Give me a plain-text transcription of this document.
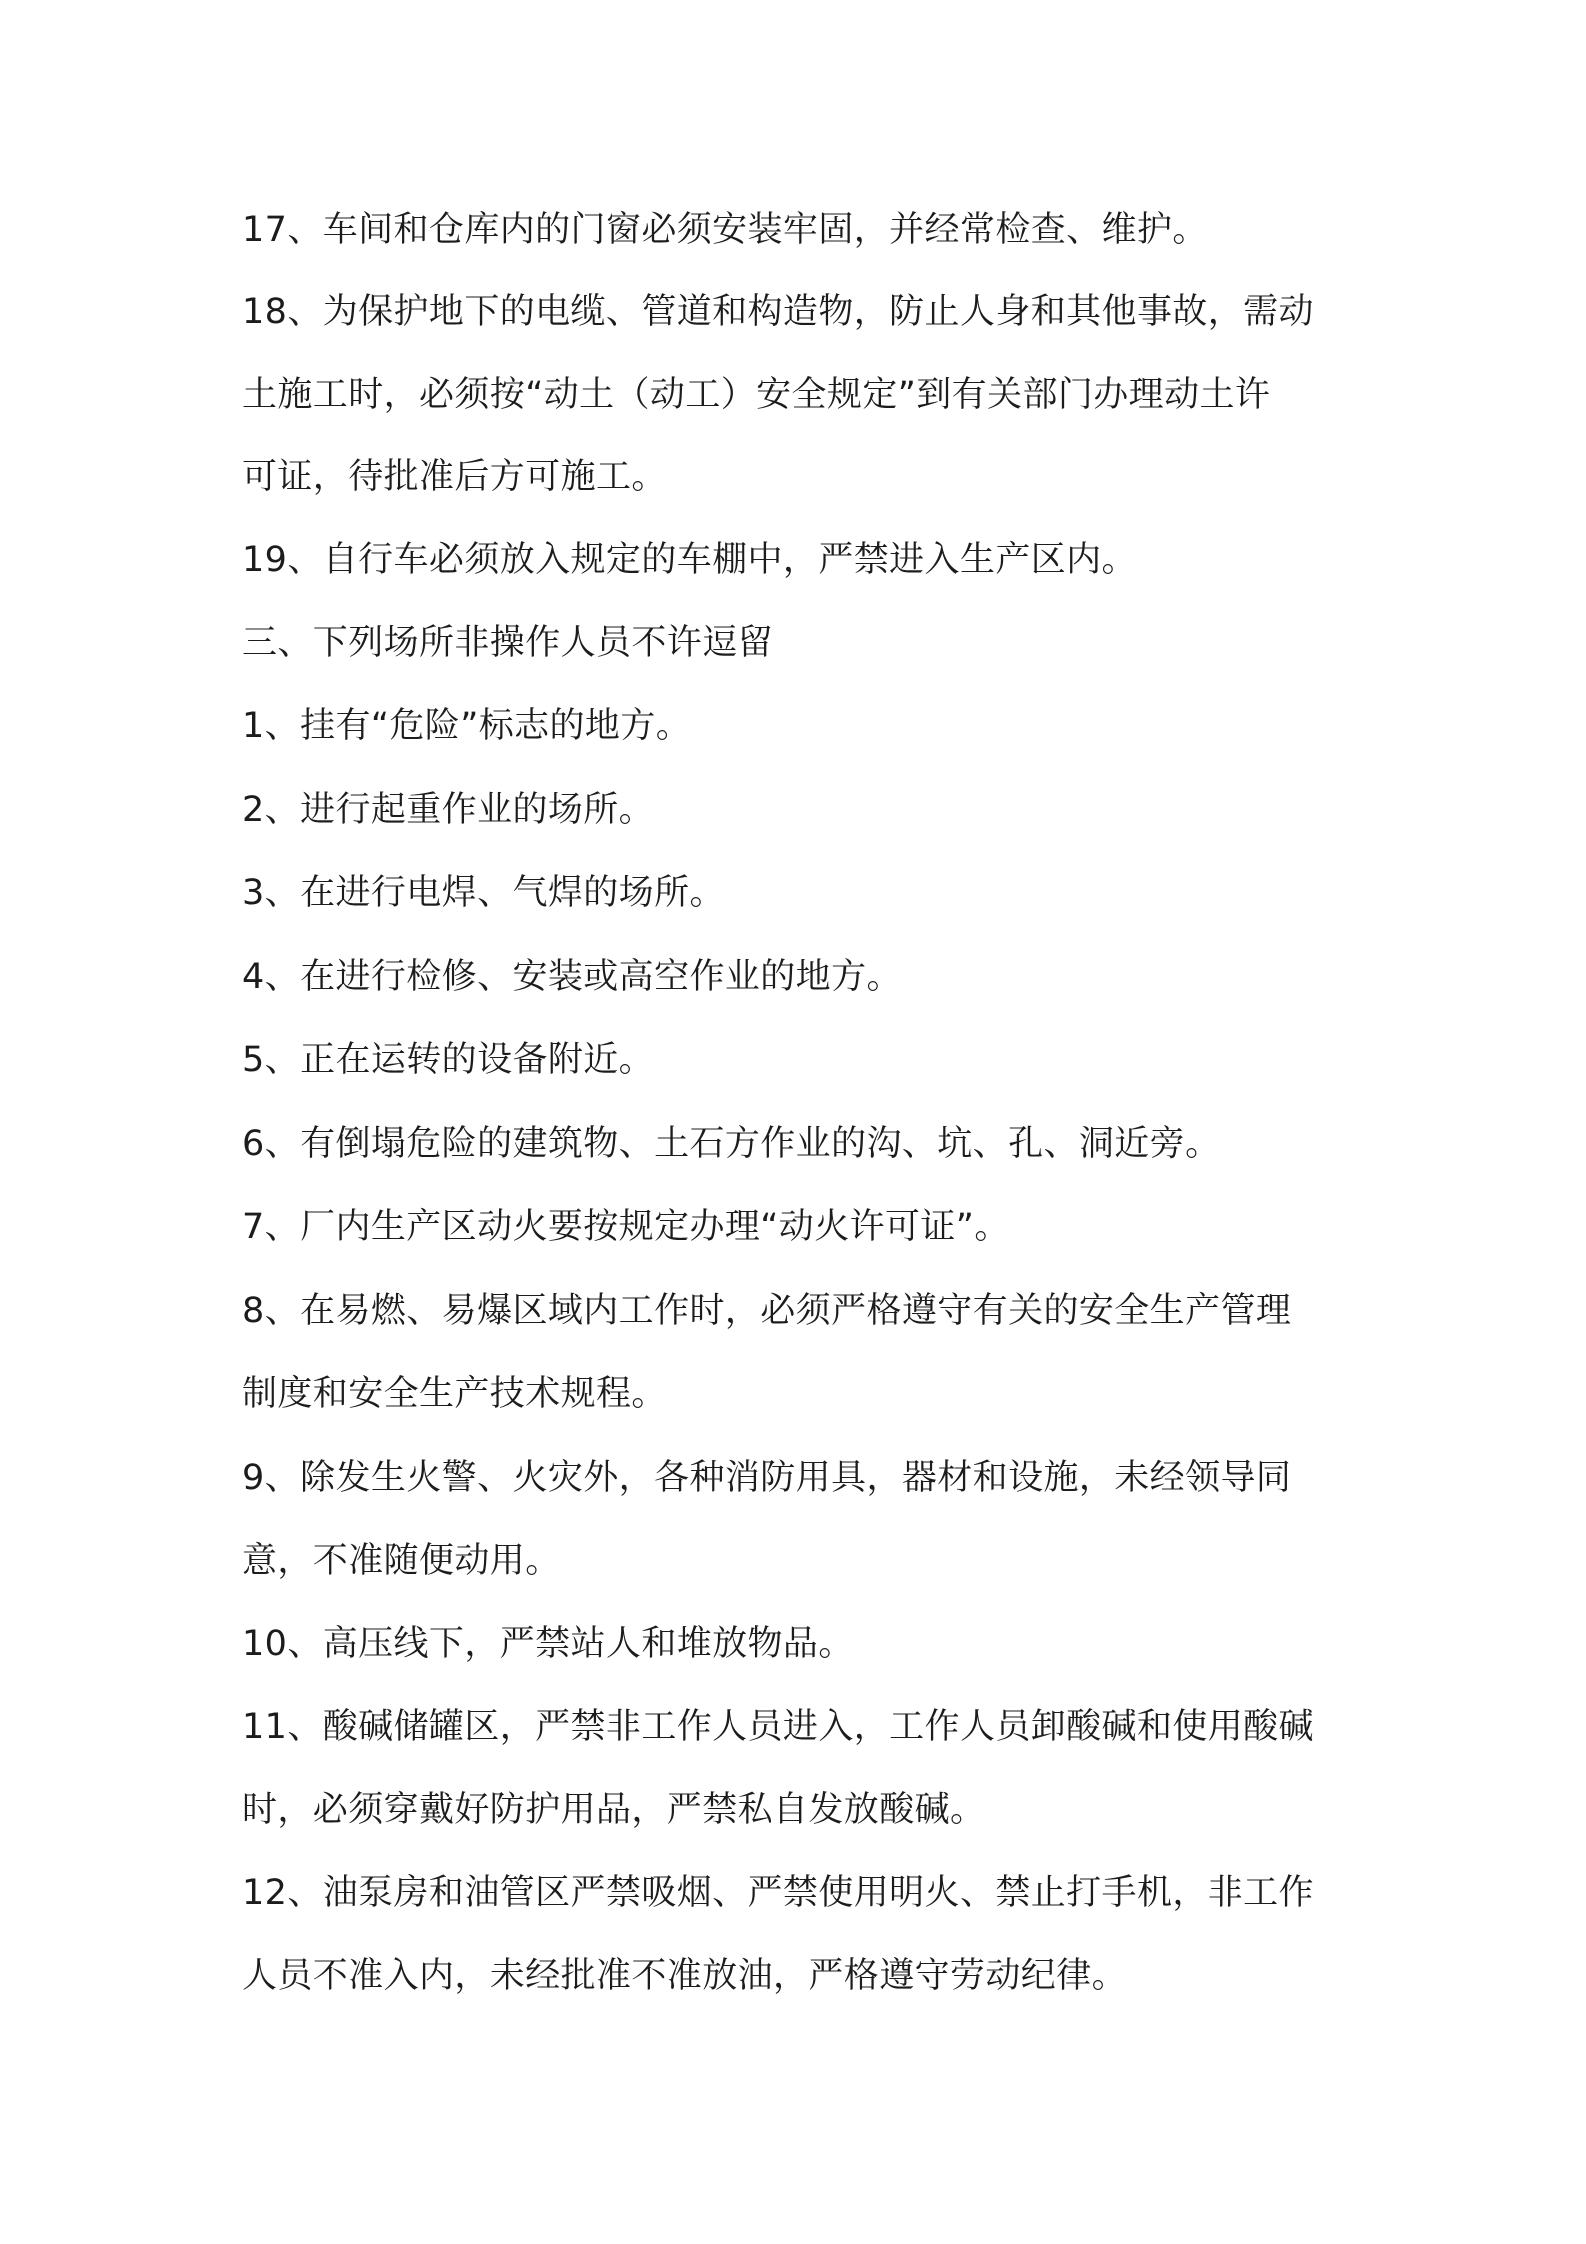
17、车间和仓库内的门窗必须安装牢固，并经常检查、维护。
18、为保护地下的电缆、管道和构造物，防止人身和其他事故，需动
土施工时，必须按“动土（动工）安全规定”到有关部门办理动土许
可证，待批准后方可施工。
19、自行车必须放入规定的车棚中，严禁进入生产区内。
三、下列场所非操作人员不许逗留
1、挂有“危险”标志的地方。
2、进行起重作业的场所。
3、在进行电焊、气焊的场所。
4、在进行检修、安装或高空作业的地方。
5、正在运转的设备附近。
6、有倒塌危险的建筑物、土石方作业的沟、坑、孔、洞近旁。
7、厂内生产区动火要按规定办理“动火许可证”。
8、在易燃、易爆区域内工作时，必须严格遵守有关的安全生产管理
制度和安全生产技术规程。
9、除发生火警、火灾外，各种消防用具，器材和设施，未经领导同
意，不准随便动用。
10、高压线下，严禁站人和堆放物品。
11、酸碱储罐区，严禁非工作人员进入，工作人员卸酸碱和使用酸碱
时，必须穿戴好防护用品，严禁私自发放酸碱。
12、油泵房和油管区严禁吸烟、严禁使用明火、禁止打手机，非工作
人员不准入内，未经批准不准放油，严格遵守劳动纪律。
